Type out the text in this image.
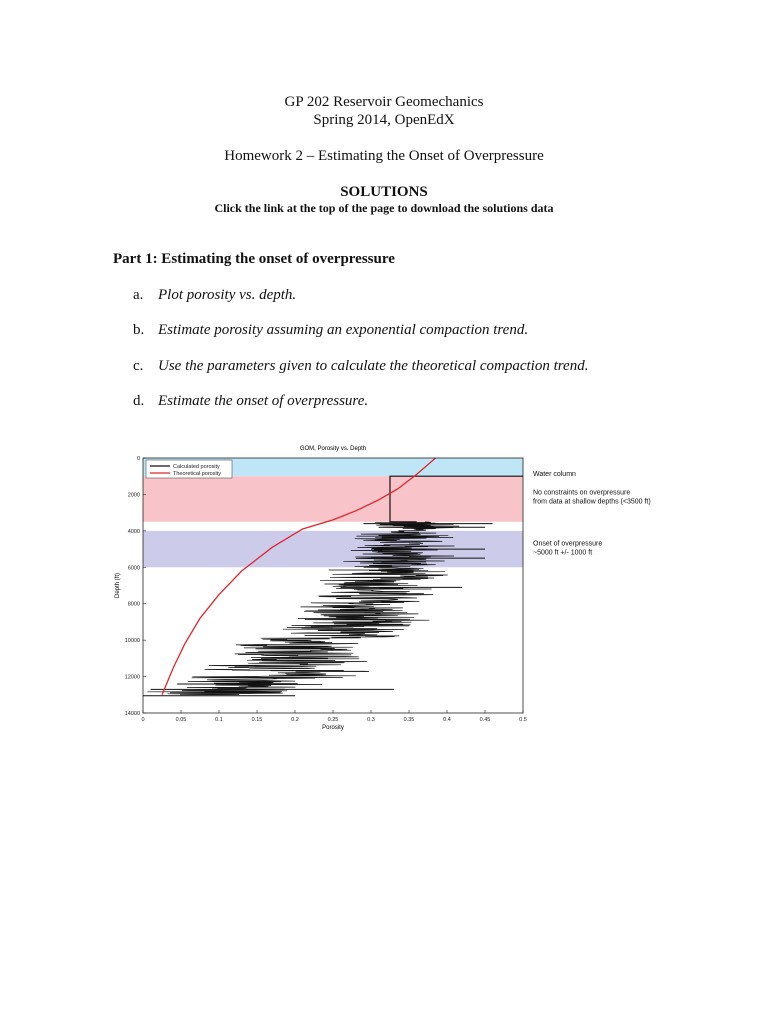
GP 202 Reservoir Geomechanics
Spring 2014, OpenEdX
Homework 2 – Estimating the Onset of Overpressure
SOLUTIONS
Click the link at the top of the page to download the solutions data
Part 1: Estimating the onset of overpressure
a. Plot porosity vs. depth.
b. Estimate porosity assuming an exponential compaction trend.
c. Use the parameters given to calculate the theoretical compaction trend.
d. Estimate the onset of overpressure.
0	0.05	0.1	0.15	0.2	0.25	0.3	0.35	0.4	0.45	0.5
0
2000
4000
6000
8000
10000
12000
14000
GOM, Porosity vs. Depth
Porosity
Depth (ft)
Calculated porosity
Theoretical porosity	Water column
No constraints on overpressure
from data at shallow depths (<3500 ft)
Onset of overpressure
~5000 ft +/- 1000 ft
